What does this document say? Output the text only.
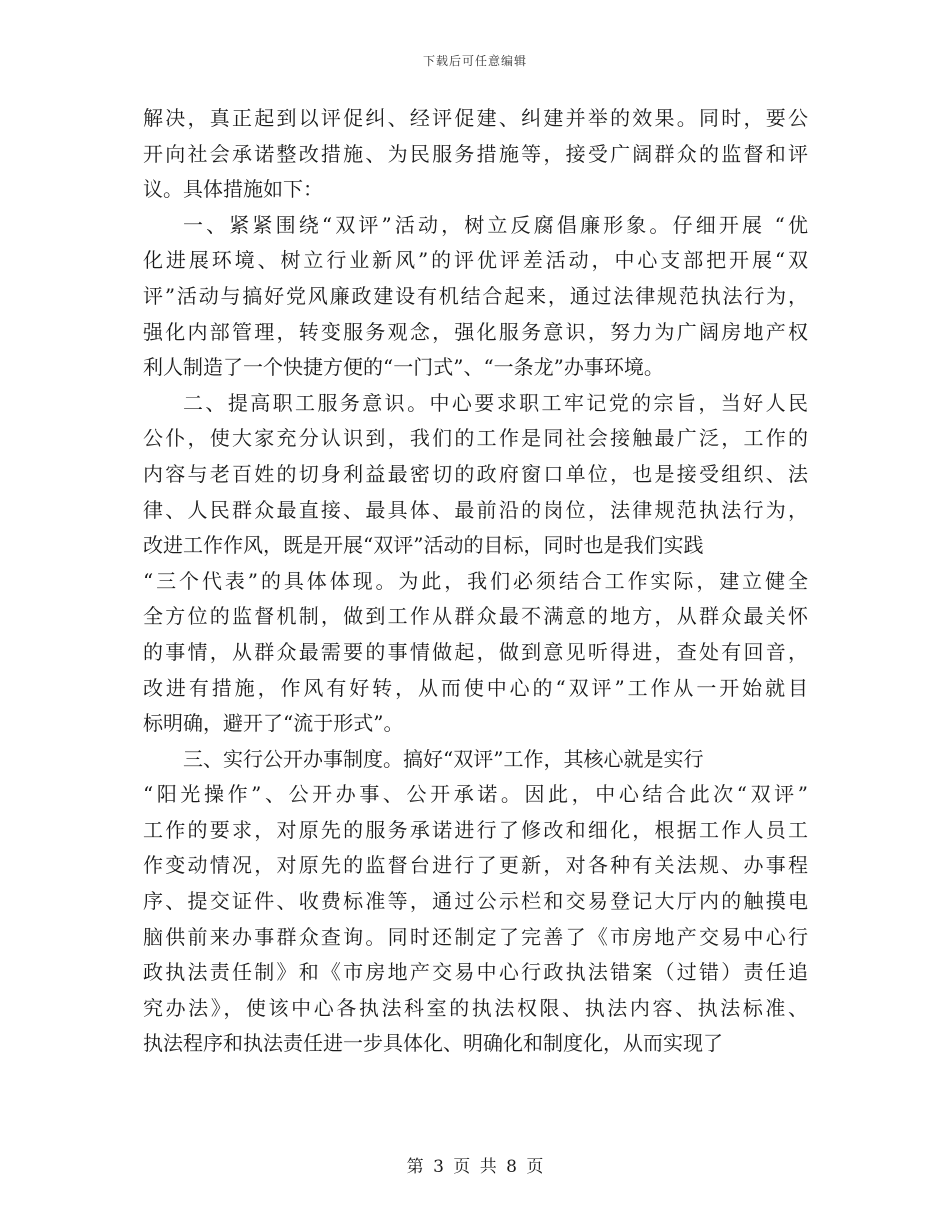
下载后可任意编辑
解决，真正起到以评促纠、经评促建、纠建并举的效果。同时，要公
开向社会承诺整改措施、为民服务措施等，接受广阔群众的监督和评
议。具体措施如下：
一、紧紧围绕“双评”活动，树立反腐倡廉形象。仔细开展 “优
化进展环境、树立行业新风”的评优评差活动，中心支部把开展“双
评”活动与搞好党风廉政建设有机结合起来，通过法律规范执法行为，
强化内部管理，转变服务观念，强化服务意识，努力为广阔房地产权
利人制造了一个快捷方便的“一门式”、“一条龙”办事环境。
二、提高职工服务意识。中心要求职工牢记党的宗旨，当好人民
公仆，使大家充分认识到，我们的工作是同社会接触最广泛，工作的
内容与老百姓的切身利益最密切的政府窗口单位，也是接受组织、法
律、人民群众最直接、最具体、最前沿的岗位，法律规范执法行为，
改进工作作风，既是开展“双评”活动的目标，同时也是我们实践
“三个代表”的具体体现。为此，我们必须结合工作实际，建立健全
全方位的监督机制，做到工作从群众最不满意的地方，从群众最关怀
的事情，从群众最需要的事情做起，做到意见听得进，查处有回音，
改进有措施，作风有好转，从而使中心的“双评”工作从一开始就目
标明确，避开了“流于形式”。
三、实行公开办事制度。搞好“双评”工作，其核心就是实行
“阳光操作”、公开办事、公开承诺。因此，中心结合此次“双评”
工作的要求，对原先的服务承诺进行了修改和细化，根据工作人员工
作变动情况，对原先的监督台进行了更新，对各种有关法规、办事程
序、提交证件、收费标准等，通过公示栏和交易登记大厅内的触摸电
脑供前来办事群众查询。同时还制定了完善了《市房地产交易中心行
政执法责任制》和《市房地产交易中心行政执法错案（过错）责任追
究办法》，使该中心各执法科室的执法权限、执法内容、执法标准、
执法程序和执法责任进一步具体化、明确化和制度化，从而实现了
第 3 页 共 8 页
